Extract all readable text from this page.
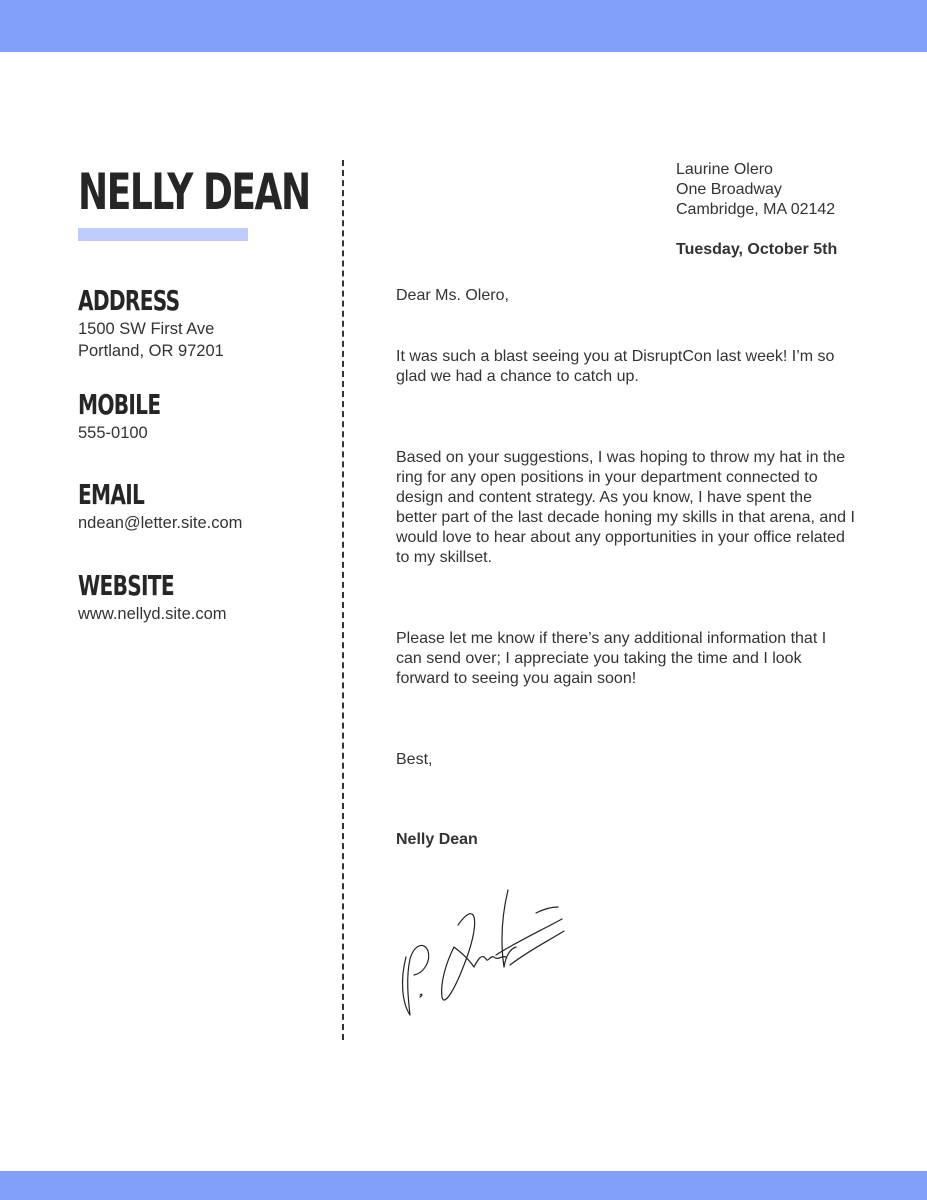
NELLY DEAN
ADDRESS

1500 SW First Ave

Portland, OR 97201

MOBILE

555-0100

EMAIL

ndean@letter.site.com

WEBSITE

www.nellyd.site.com

Laurine Olero
One Broadway
Cambridge, MA 02142
Tuesday, October 5th

Dear Ms. Olero,

It was such a blast seeing you at DisruptCon last week! I’m so glad we had a chance to catch up.

Based on your suggestions, I was hoping to throw my hat in the ring for any open positions in your department connected to design and content strategy. As you know, I have spent the better part of the last decade honing my skills in that arena, and I would love to hear about any opportunities in your office related to my skillset.

Please let me know if there’s any additional information that I can send over; I appreciate you taking the time and I look forward to seeing you again soon!

Best,

Nelly Dean
